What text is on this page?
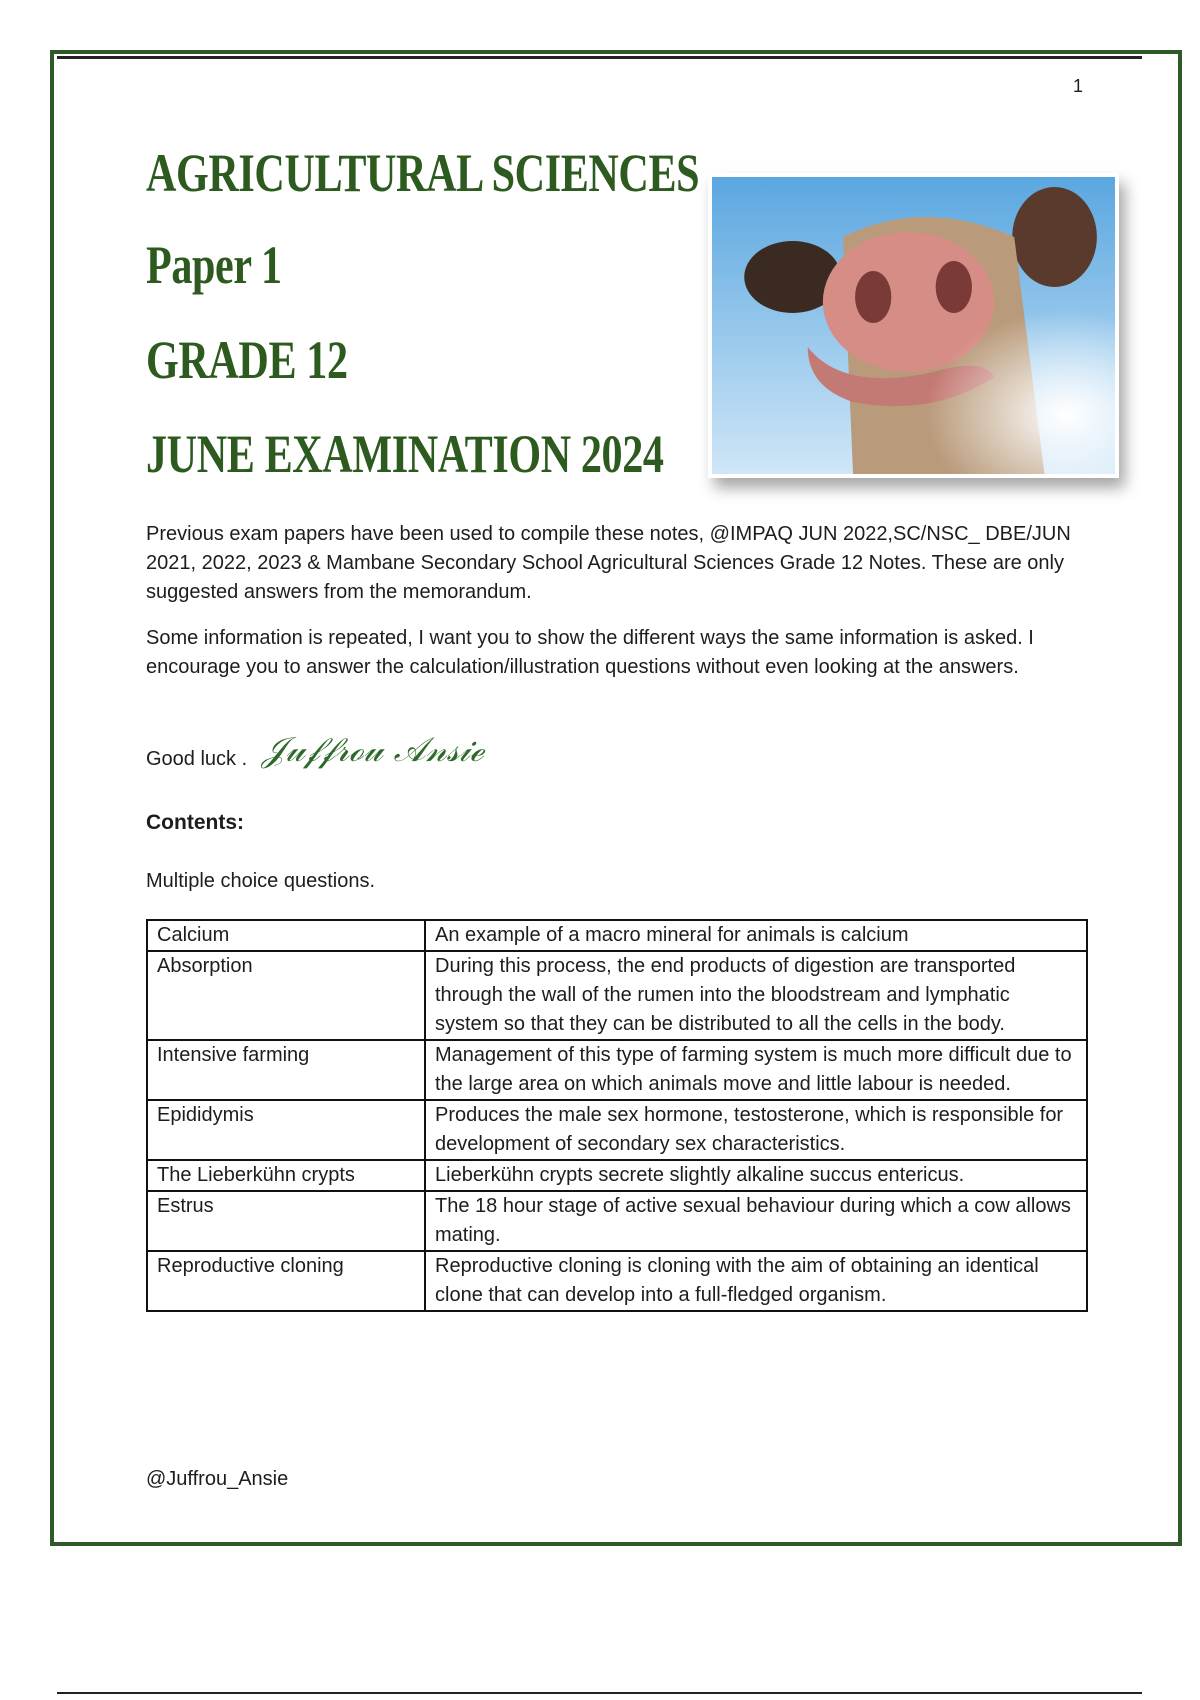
1
AGRICULTURAL SCIENCES
Paper 1
GRADE 12
JUNE EXAMINATION 2024
Previous exam papers have been used to compile these notes, @IMPAQ JUN 2022,SC/NSC_ DBE/JUN 2021, 2022, 2023 & Mambane Secondary School Agricultural Sciences Grade 12 Notes. These are only suggested answers from the memorandum.
Some information is repeated, I want you to show the different ways the same information is asked. I encourage you to answer the calculation/illustration questions without even looking at the answers.
Good luck . 𝒥𝓊𝒻𝒻𝓇ℴ𝓊 𝒜𝓃𝓈𝒾ℯ
Contents:
Multiple choice questions.
Calcium	An example of a macro mineral for animals is calcium
Absorption	During this process, the end products of digestion are transported through the wall of the rumen into the bloodstream and lymphatic system so that they can be distributed to all the cells in the body.
Intensive farming	Management of this type of farming system is much more difficult due to the large area on which animals move and little labour is needed.
Epididymis	Produces the male sex hormone, testosterone, which is responsible for development of secondary sex characteristics.
The Lieberkühn crypts	Lieberkühn crypts secrete slightly alkaline succus entericus.
Estrus	The 18 hour stage of active sexual behaviour during which a cow allows mating.
Reproductive cloning	Reproductive cloning is cloning with the aim of obtaining an identical clone that can develop into a full-fledged organism.
@Juffrou_Ansie
